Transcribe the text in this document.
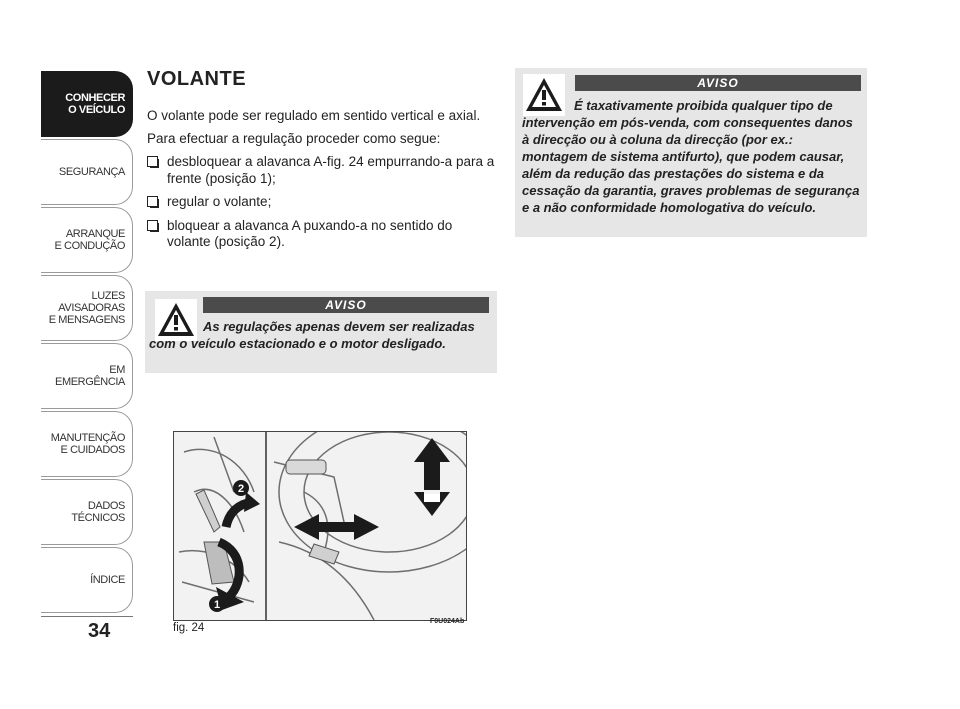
CONHECER
O VEÍCULO
SEGURANÇA
ARRANQUE
E CONDUÇÃO
LUZES
AVISADORAS
E MENSAGENS
EM EMERGÊNCIA
MANUTENÇÃO
E CUIDADOS
DADOS
TÉCNICOS
ÍNDICE
34
VOLANTE

O volante pode ser regulado em sentido vertical e axial.

Para efectuar a regulação proceder como segue:

desbloquear a alavanca A-fig. 24 empurrando-a para a frente (posição 1);
regular o volante;
bloquear a alavanca A puxando-a no sentido do volante (posição 2).
AVISO

As regulações apenas devem ser realizadas com o veículo estacionado e o motor desligado.

AVISO

É taxativamente proibida qualquer tipo de intervenção em pós-venda, com consequentes danos à direcção ou à coluna da direcção (por ex.: montagem de sistema antifurto), que podem causar, além da redução das prestações do sistema e da cessação da garantia, graves problemas de segurança e a não conformidade homologativa do veículo.

1
2
fig. 24
F0U024Ab
